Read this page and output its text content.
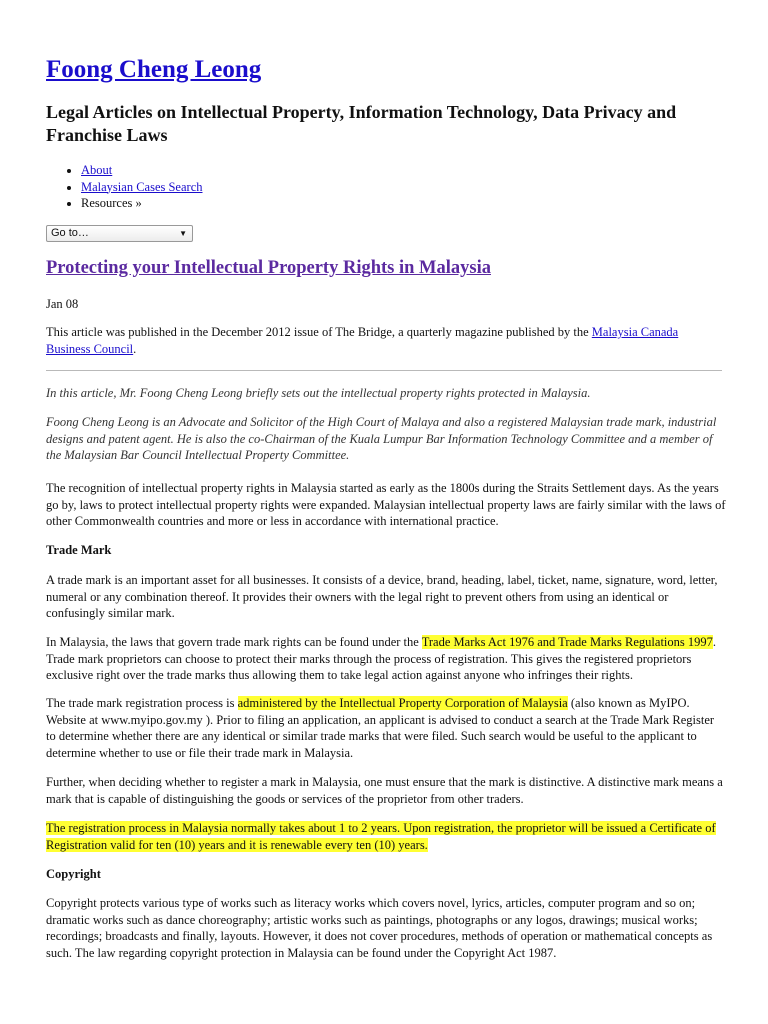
Foong Cheng Leong
Legal Articles on Intellectual Property, Information Technology, Data Privacy and Franchise Laws
• About
• Malaysian Cases Search
• Resources »
Go to…	▼
Protecting your Intellectual Property Rights in Malaysia

Jan 08

This article was published in the December 2012 issue of The Bridge, a quarterly magazine published by the Malaysia Canada Business Council.

In this article, Mr. Foong Cheng Leong briefly sets out the intellectual property rights protected in Malaysia.

Foong Cheng Leong is an Advocate and Solicitor of the High Court of Malaya and also a registered Malaysian trade mark, industrial designs and patent agent. He is also the co-Chairman of the Kuala Lumpur Bar Information Technology Committee and a member of the Malaysian Bar Council Intellectual Property Committee.

The recognition of intellectual property rights in Malaysia started as early as the 1800s during the Straits Settlement days. As the years go by, laws to protect intellectual property rights were expanded. Malaysian intellectual property laws are fairly similar with the laws of other Commonwealth countries and more or less in accordance with international practice.

Trade Mark

A trade mark is an important asset for all businesses. It consists of a device, brand, heading, label, ticket, name, signature, word, letter, numeral or any combination thereof. It provides their owners with the legal right to prevent others from using an identical or confusingly similar mark.

In Malaysia, the laws that govern trade mark rights can be found under the Trade Marks Act 1976 and Trade Marks Regulations 1997. Trade mark proprietors can choose to protect their marks through the process of registration. This gives the registered proprietors exclusive right over the trade marks thus allowing them to take legal action against anyone who infringes their rights.

The trade mark registration process is administered by the Intellectual Property Corporation of Malaysia (also known as MyIPO. Website at www.myipo.gov.my ). Prior to filing an application, an applicant is advised to conduct a search at the Trade Mark Register to determine whether there are any identical or similar trade marks that were filed. Such search would be useful to the applicant to determine whether to use or file their trade mark in Malaysia.

Further, when deciding whether to register a mark in Malaysia, one must ensure that the mark is distinctive. A distinctive mark means a mark that is capable of distinguishing the goods or services of the proprietor from other traders.

The registration process in Malaysia normally takes about 1 to 2 years. Upon registration, the proprietor will be issued a Certificate of Registration valid for ten (10) years and it is renewable every ten (10) years.

Copyright

Copyright protects various type of works such as literacy works which covers novel, lyrics, articles, computer program and so on; dramatic works such as dance choreography; artistic works such as paintings, photographs or any logos, drawings; musical works; recordings; broadcasts and finally, layouts. However, it does not cover procedures, methods of operation or mathematical concepts as such. The law regarding copyright protection in Malaysia can be found under the Copyright Act 1987.
